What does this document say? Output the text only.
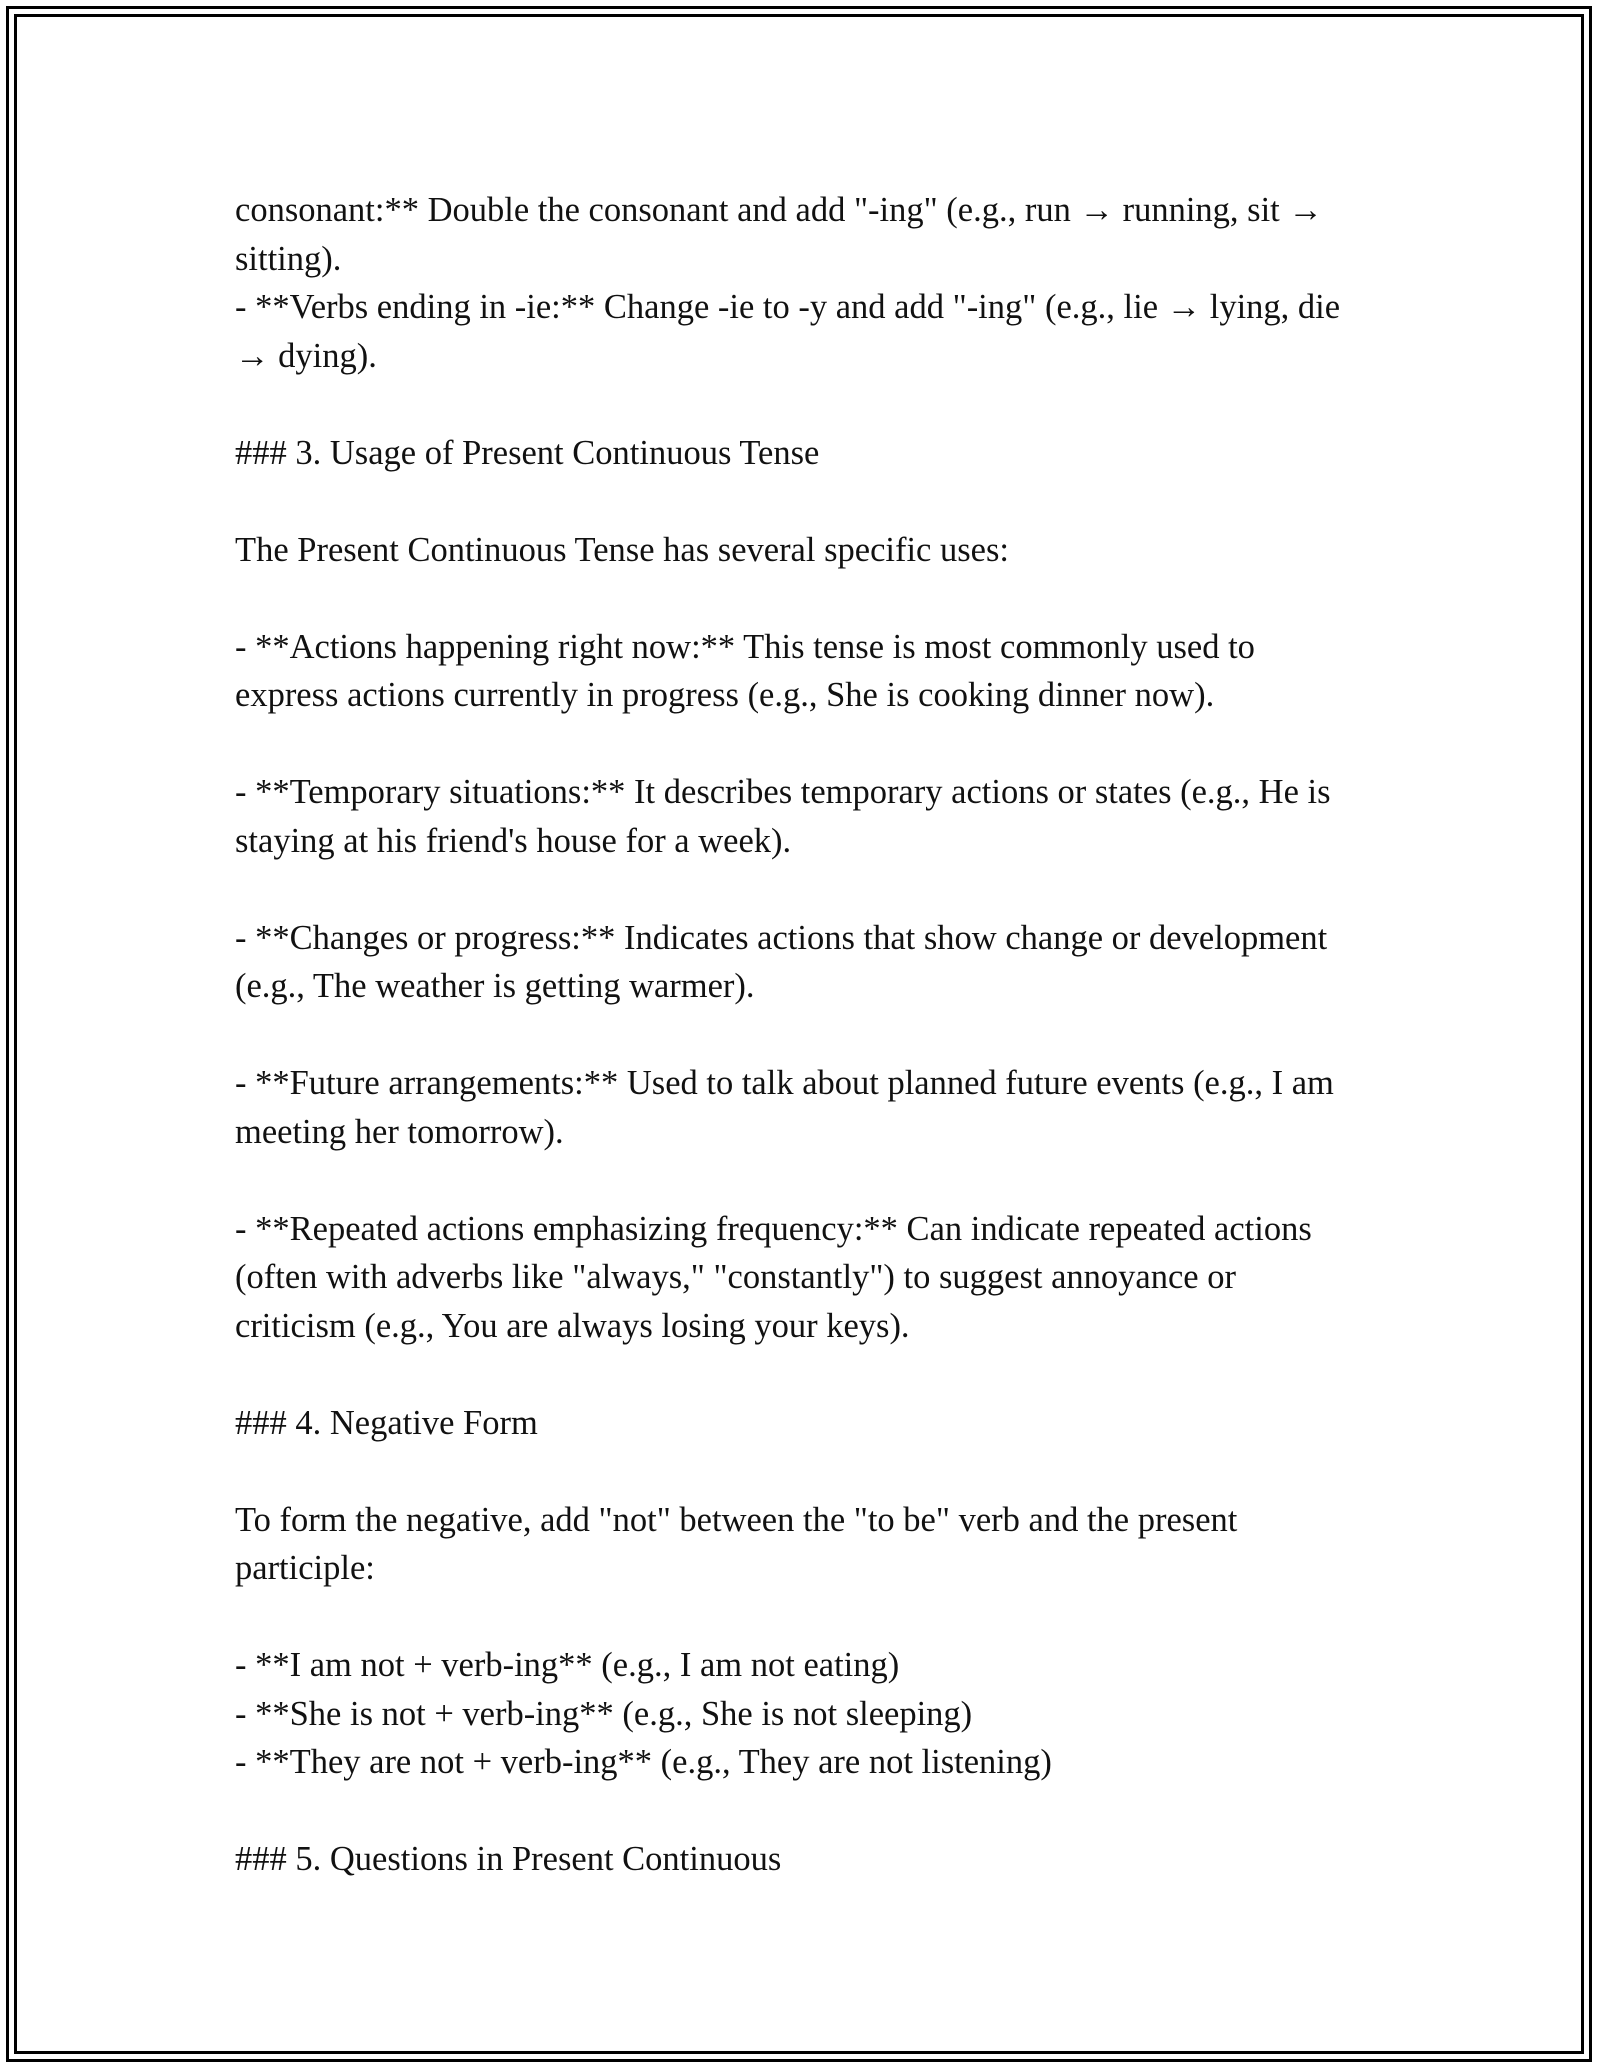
consonant:** Double the consonant and add "-ing" (e.g., run → running, sit → sitting).

- **Verbs ending in -ie:** Change -ie to -y and add "-ing" (e.g., lie → lying, die → dying).

### 3. Usage of Present Continuous Tense

The Present Continuous Tense has several specific uses:

- **Actions happening right now:** This tense is most commonly used to express actions currently in progress (e.g., She is cooking dinner now).

- **Temporary situations:** It describes temporary actions or states (e.g., He is staying at his friend's house for a week).

- **Changes or progress:** Indicates actions that show change or development (e.g., The weather is getting warmer).

- **Future arrangements:** Used to talk about planned future events (e.g., I am meeting her tomorrow).

- **Repeated actions emphasizing frequency:** Can indicate repeated actions (often with adverbs like "always," "constantly") to suggest annoyance or criticism (e.g., You are always losing your keys).

### 4. Negative Form

To form the negative, add "not" between the "to be" verb and the present participle:

- **I am not + verb-ing** (e.g., I am not eating)

- **She is not + verb-ing** (e.g., She is not sleeping)

- **They are not + verb-ing** (e.g., They are not listening)

### 5. Questions in Present Continuous
